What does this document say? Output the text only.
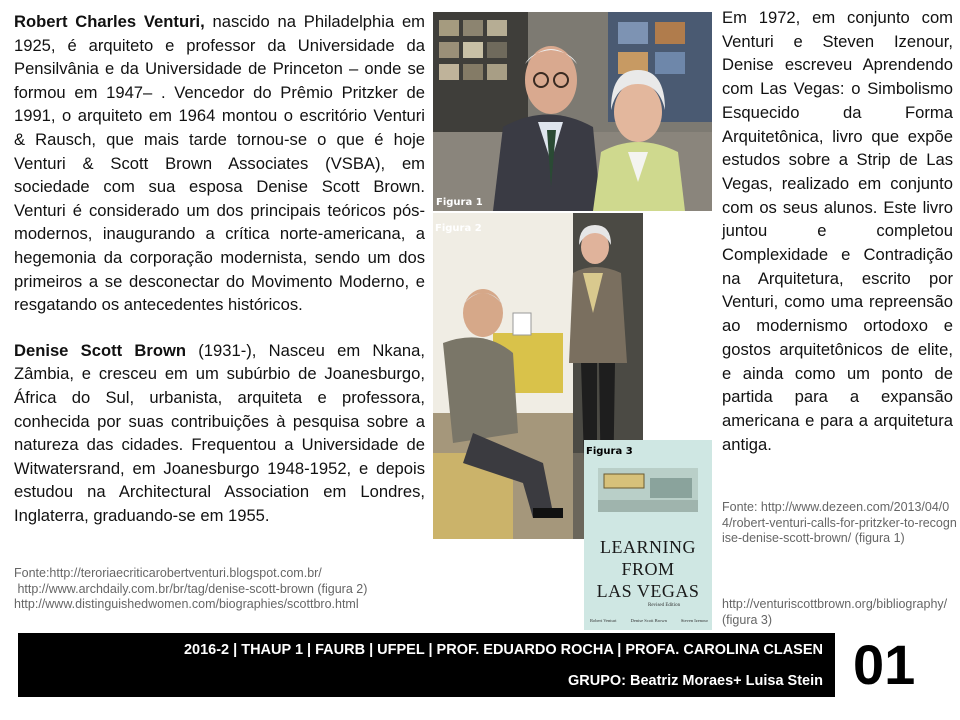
Robert Charles Venturi, nascido na Philadelphia em 1925, é arquiteto e professor da Universidade da Pensilvânia e da Universidade de Princeton – onde se formou em 1947– . Vencedor do Prêmio Pritzker de 1991, o arquiteto em 1964 montou o escritório Venturi & Rausch, que mais tarde tornou-se o que é hoje Venturi & Scott Brown Associates (VSBA), em sociedade com sua esposa Denise Scott Brown. Venturi é considerado um dos principais teóricos pós-modernos, inaugurando a crítica norte-americana, a hegemonia da corporação modernista, sendo um dos primeiros a se desconectar do Movimento Moderno, e resgatando os antecedentes históricos.

Denise Scott Brown (1931-), Nasceu em Nkana, Zâmbia, e cresceu em um subúrbio de Joanesburgo, África do Sul, urbanista, arquiteta e professora, conhecida por suas contribuições à pesquisa sobre a natureza das cidades. Frequentou a Universidade de Witwatersrand, em Joanesburgo 1948-1952, e depois estudou na Architectural Association em Londres, Inglaterra, graduando-se em 1955.

Fonte:http://teroriaecriticarobertventuri.blogspot.com.br/
http://www.archdaily.com.br/br/tag/denise-scott-brown (figura 2)
http://www.distinguishedwomen.com/biographies/scottbro.html
Figura 1
Figura 2
Figura 3
LEARNING
FROM
LAS VEGAS
Revised Edition
Robert Venturi	Denise Scott Brown	Steven Izenour
Em 1972, em conjunto com Venturi e Steven Izenour, Denise escreveu Aprendendo com Las Vegas: o Simbolismo Esquecido da Forma Arquitetônica, livro que expõe estudos sobre a Strip de Las Vegas, realizado em conjunto com os seus alunos. Este livro juntou e completou Complexidade e Contradição na Arquitetura, escrito por Venturi, como uma repreensão ao modernismo ortodoxo e gostos arquitetônicos de elite, e ainda como um ponto de partida para a expansão americana e para a arquitetura antiga.
Fonte: http://www.dezeen.com/2013/04/04/robert-venturi-calls-for-pritzker-to-recognise-denise-scott-brown/ (figura 1)
http://venturiscottbrown.org/bibliography/ (figura 3)
2016-2 | THAUP 1 | FAURB | UFPEL | PROF. EDUARDO ROCHA | PROFA. CAROLINA CLASEN
GRUPO: Beatriz Moraes+ Luisa Stein 01
